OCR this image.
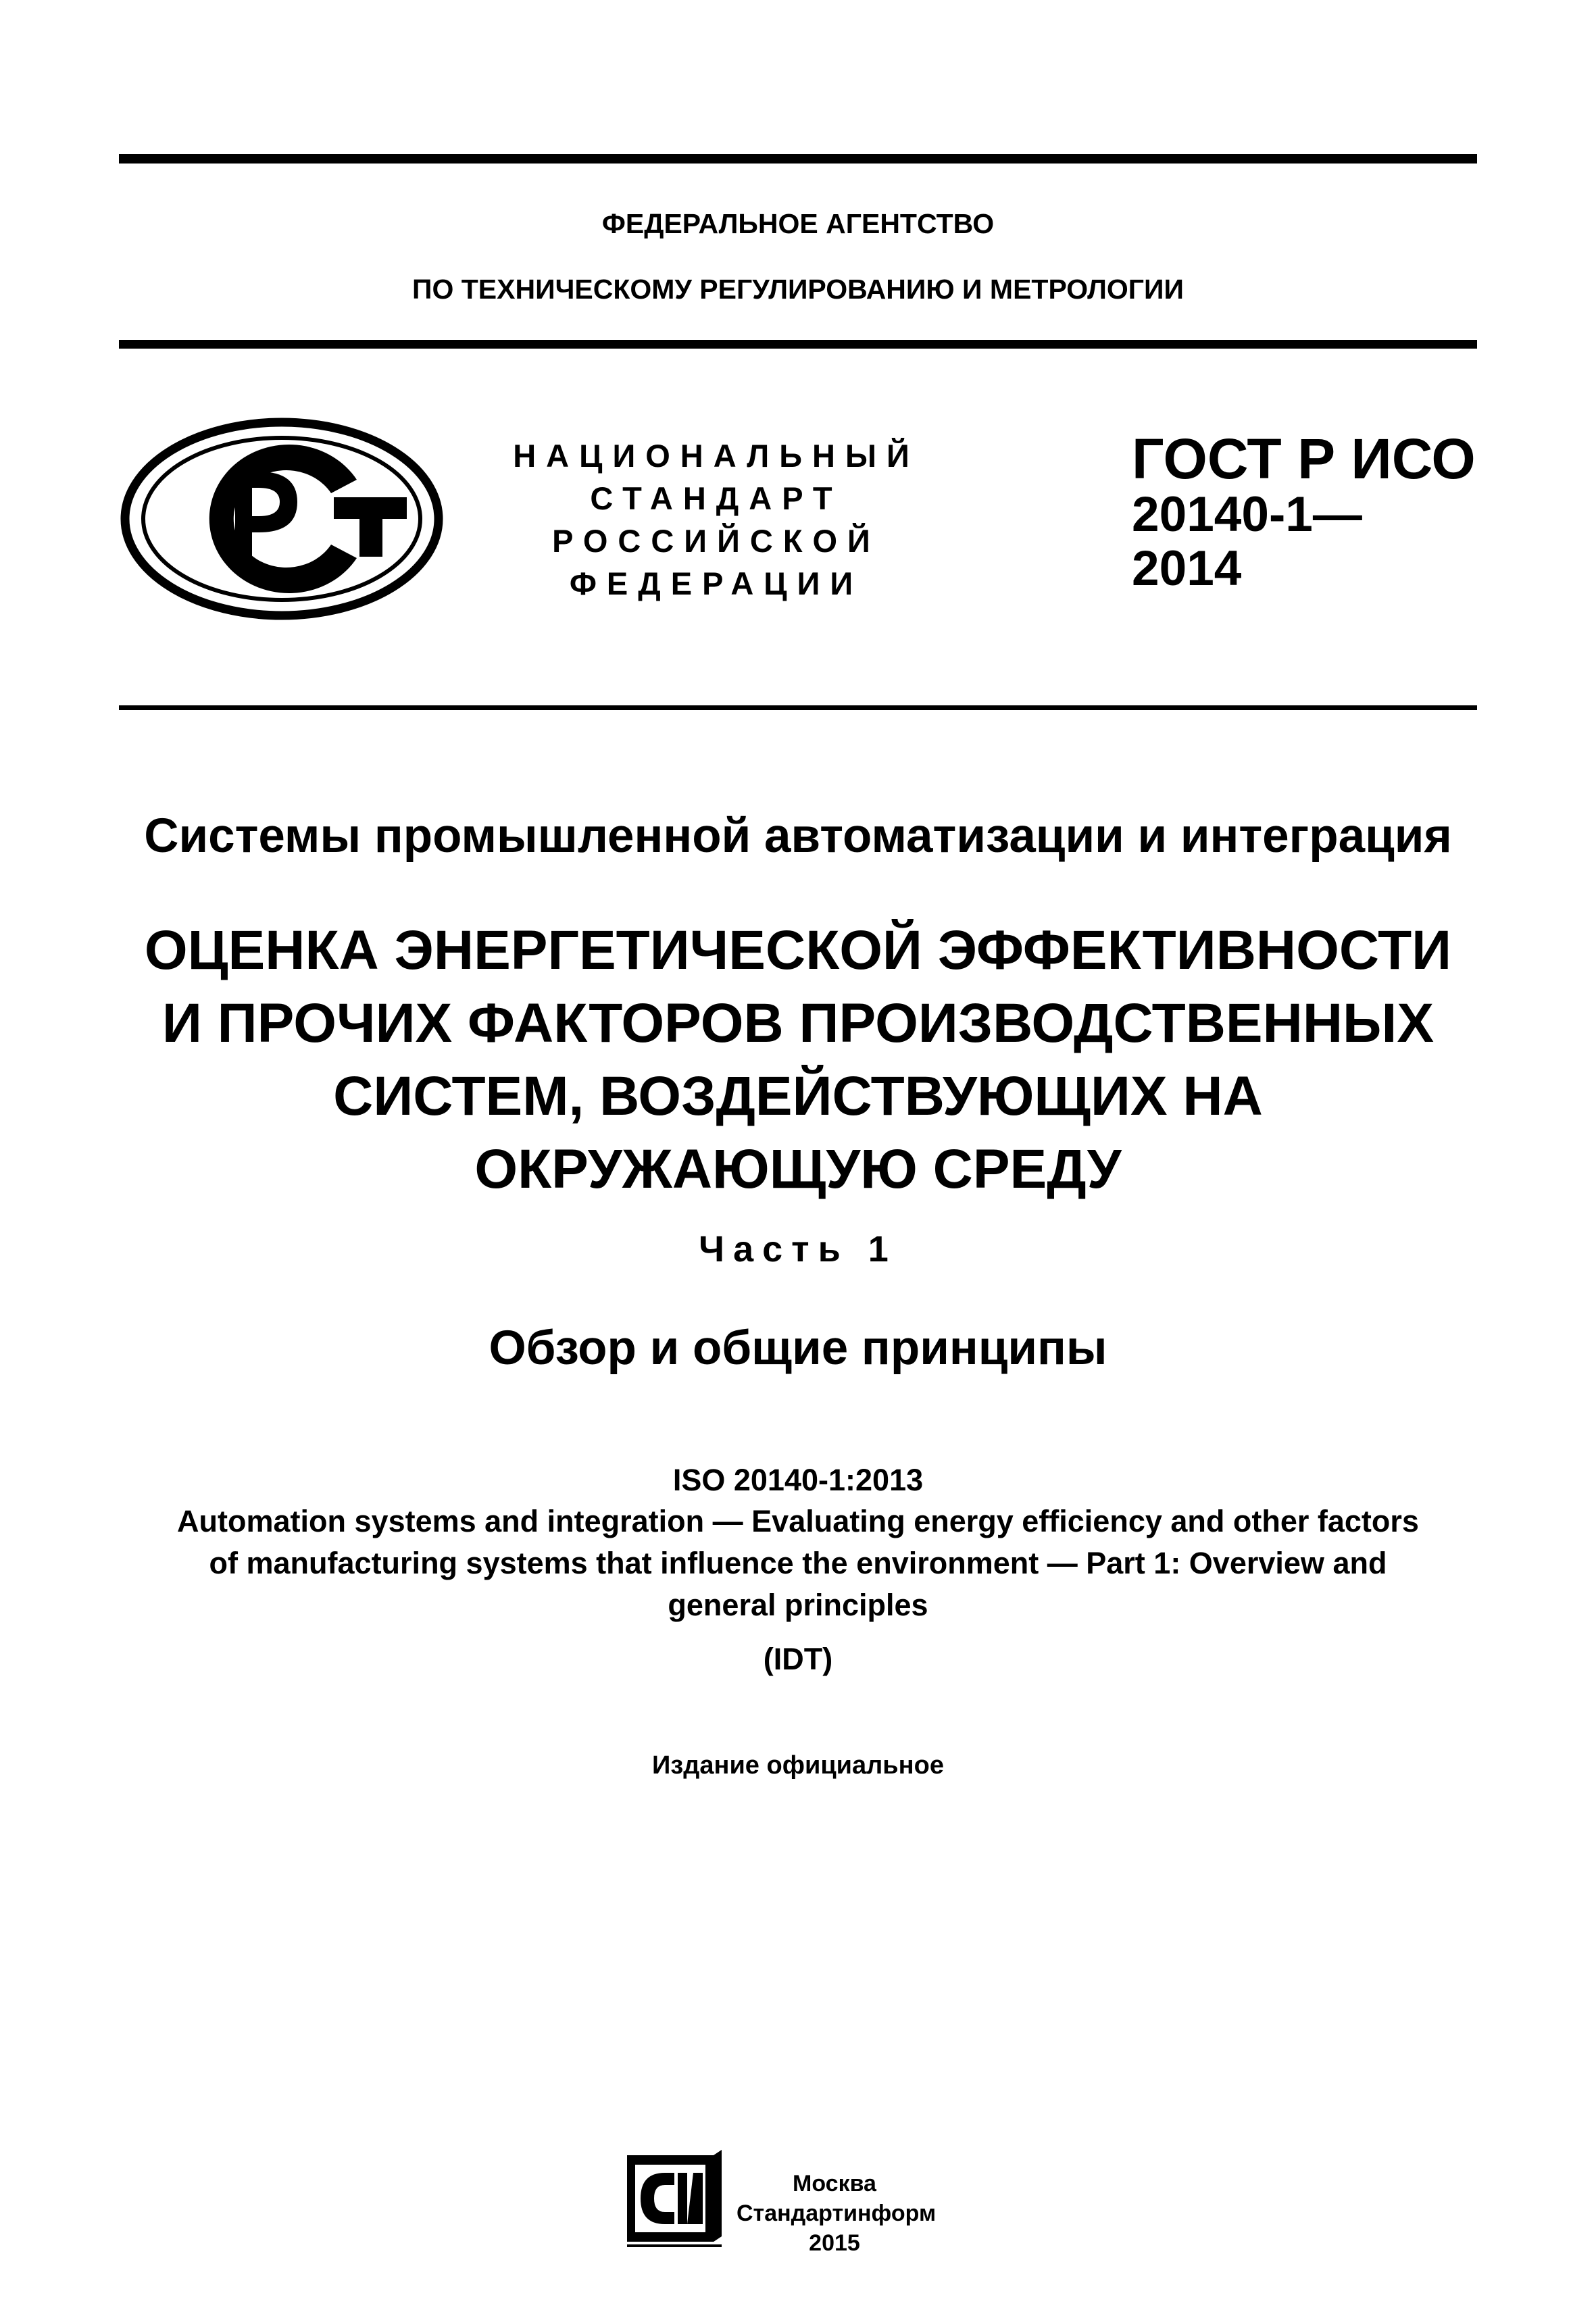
ФЕДЕРАЛЬНОЕ АГЕНТСТВО
ПО ТЕХНИЧЕСКОМУ РЕГУЛИРОВАНИЮ И МЕТРОЛОГИИ
НАЦИОНАЛЬНЫЙ
СТАНДАРТ
РОССИЙСКОЙ
ФЕДЕРАЦИИ
ГОСТ Р ИСО
20140-1—
2014
Системы промышленной автоматизации и интеграция
ОЦЕНКА ЭНЕРГЕТИЧЕСКОЙ ЭФФЕКТИВНОСТИ
И ПРОЧИХ ФАКТОРОВ ПРОИЗВОДСТВЕННЫХ
СИСТЕМ, ВОЗДЕЙСТВУЮЩИХ НА
ОКРУЖАЮЩУЮ СРЕДУ
Часть 1
Обзор и общие принципы
ISO 20140-1:2013
Automation systems and integration — Evaluating energy efficiency and other factors
of manufacturing systems that influence the environment — Part 1: Overview and
general principles
(IDT)
Издание официальное
Москва
Стандартинформ
2015
